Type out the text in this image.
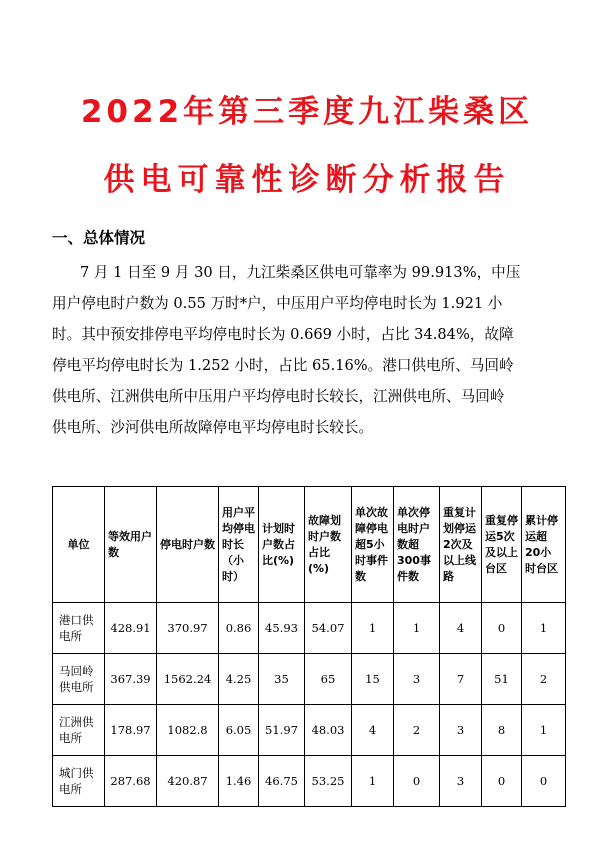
2022年第三季度九江柴桑区
供电可靠性诊断分析报告
一、总体情况
7 月 1 日至 9 月 30 日，九江柴桑区供电可靠率为 99.913%，中压
用户停电时户数为 0.55 万时*户，中压用户平均停电时长为 1.921 小
时。其中预安排停电平均停电时长为 0.669 小时，占比 34.84%，故障
停电平均停电时长为 1.252 小时，占比 65.16%。港口供电所、马回岭
供电所、江洲供电所中压用户平均停电时长较长，江洲供电所、马回岭
供电所、沙河供电所故障停电平均停电时长较长。
单位	等效用户数	停电时户数	用户平均停电时长（小时）	计划时户数占比(%)	故障划时户数占比(%)	单次故障停电超5小时事件数	单次停电时户数超300事件数	重复计划停运2次及以上线路	重复停运5次及以上台区	累计停运超20小时台区
港口供电所	428.91	370.97	0.86	45.93	54.07	1	1	4	0	1
马回岭供电所	367.39	1562.24	4.25	35	65	15	3	7	51	2
江洲供电所	178.97	1082.8	6.05	51.97	48.03	4	2	3	8	1
城门供电所	287.68	420.87	1.46	46.75	53.25	1	0	3	0	0
